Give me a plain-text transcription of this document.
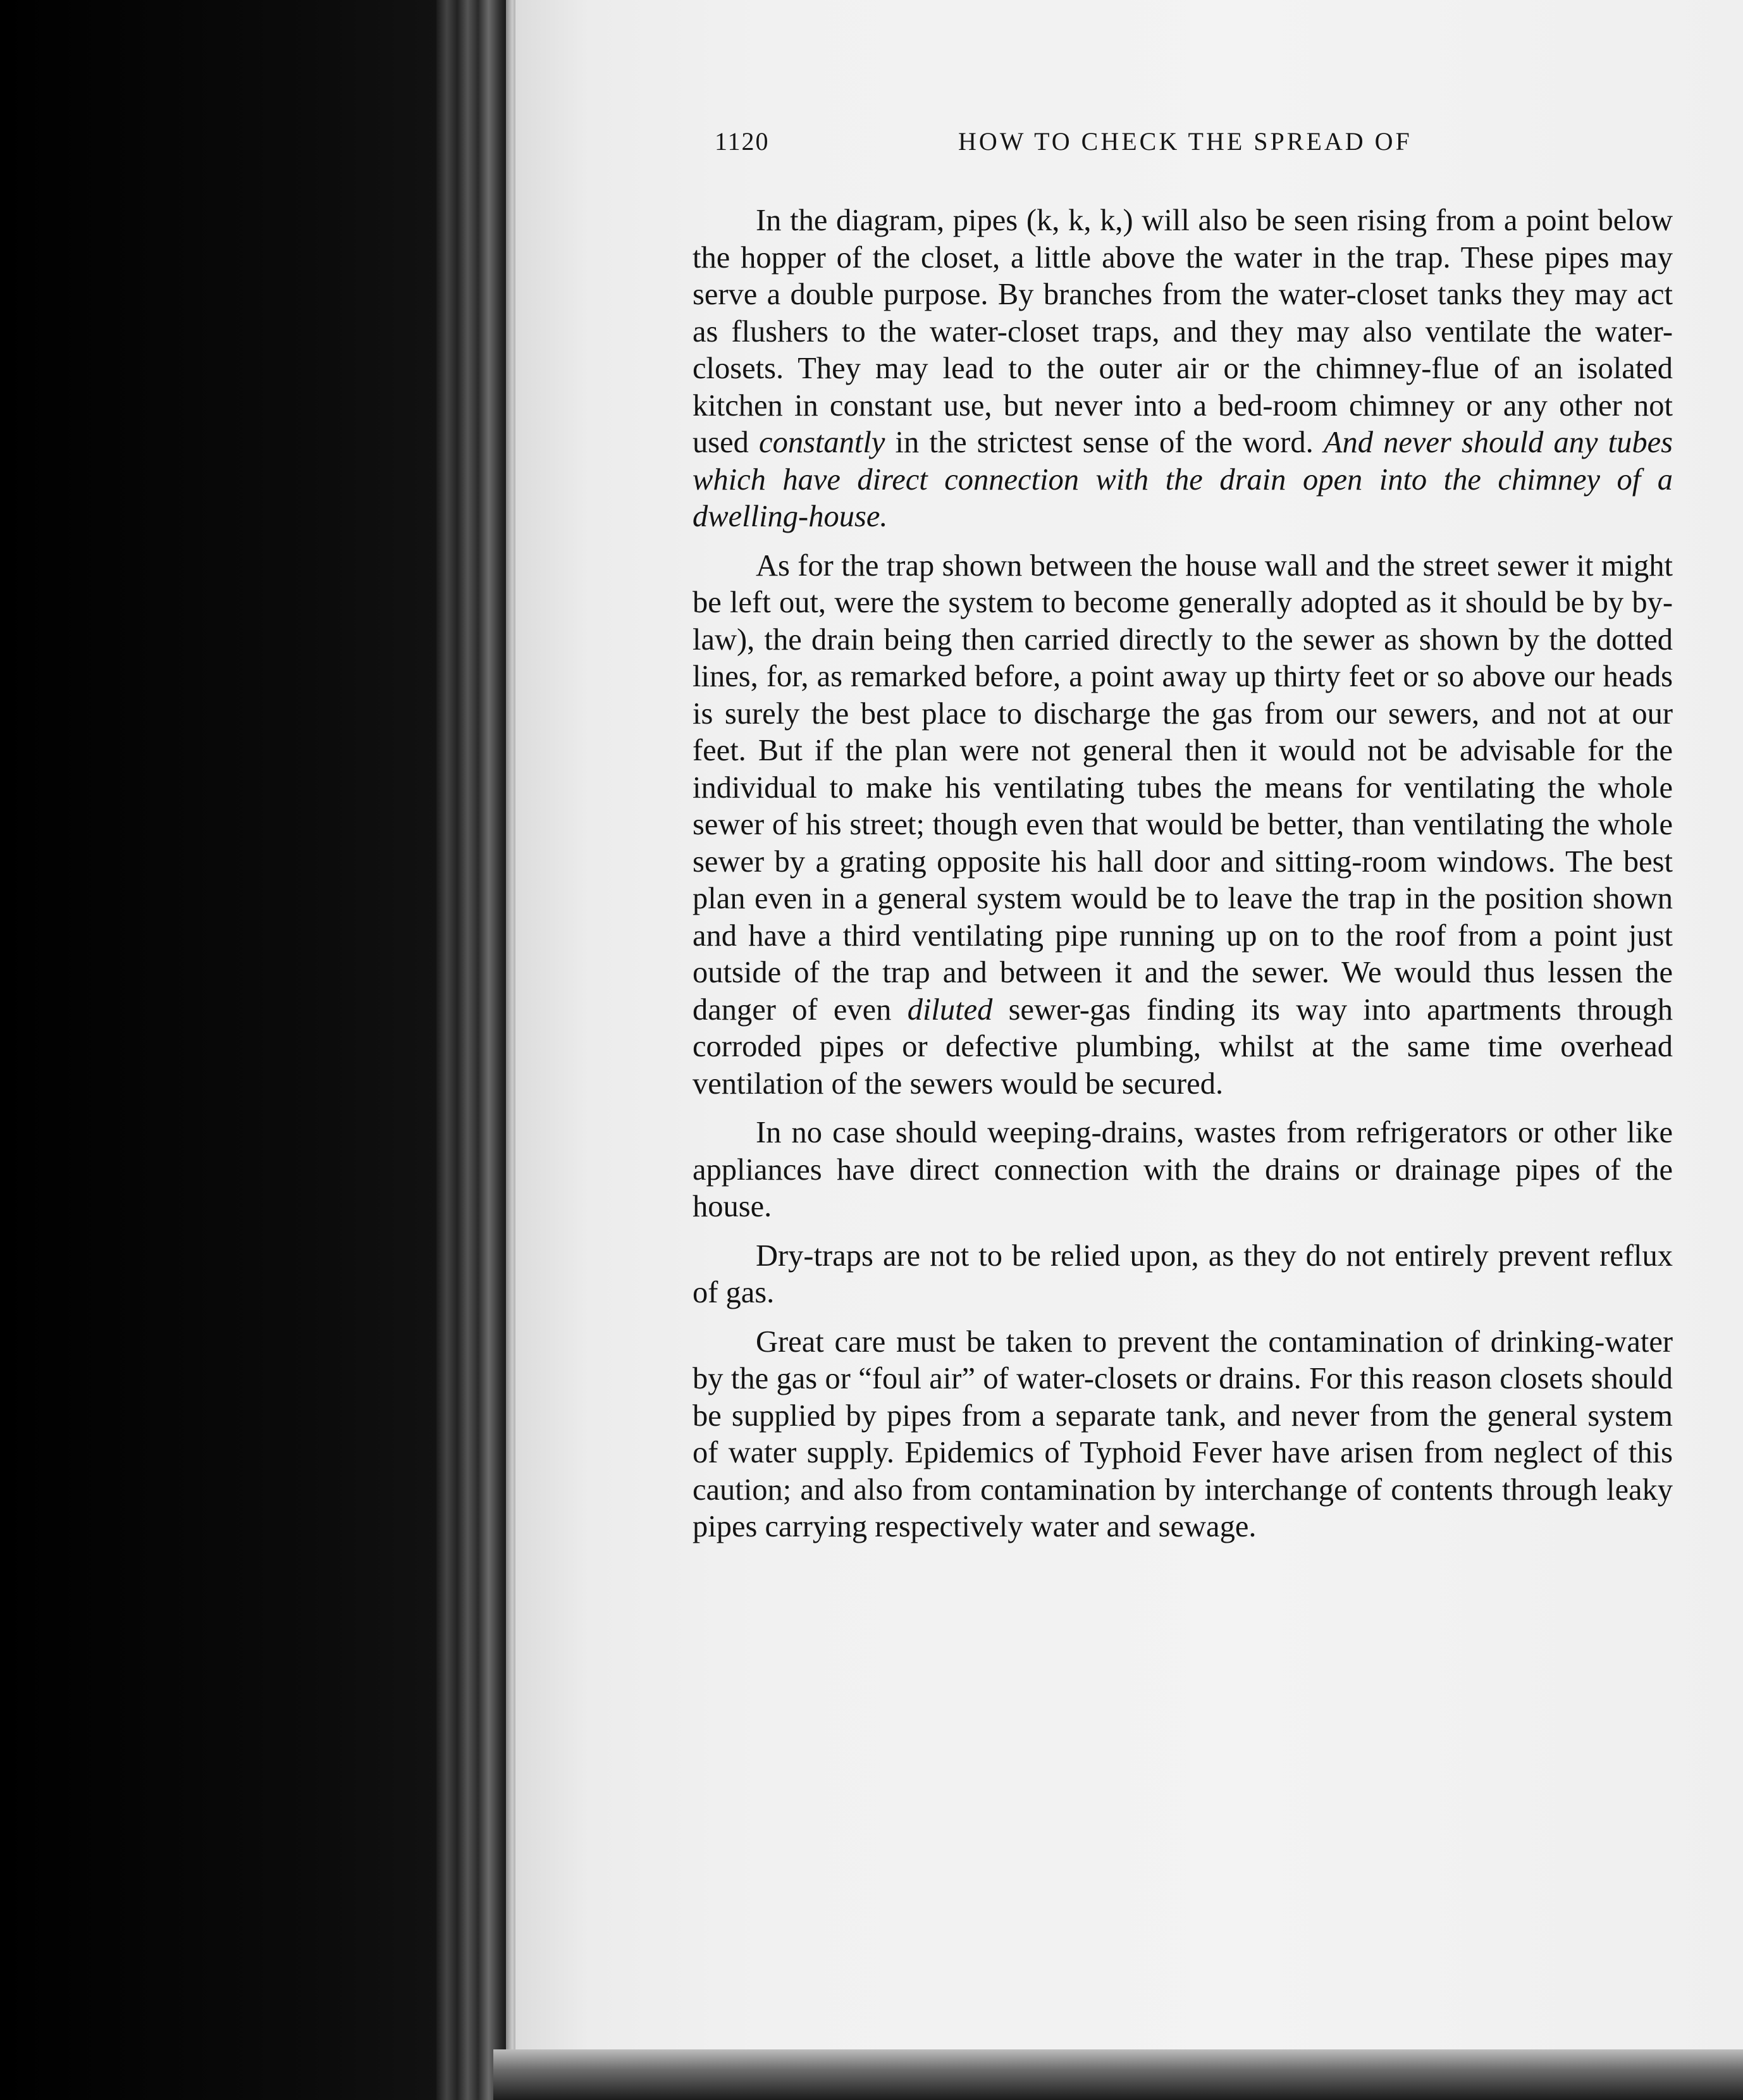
1120	HOW TO CHECK THE SPREAD OF

In the diagram, pipes (k, k, k,) will also be seen rising from a point below the hopper of the closet, a little above the water in the trap. These pipes may serve a double purpose. By branches from the water-closet tanks they may act as flushers to the water-closet traps, and they may also ventilate the water-closets. They may lead to the outer air or the chimney-flue of an isolated kitchen in constant use, but never into a bed-room chimney or any other not used constantly in the strictest sense of the word. And never should any tubes which have direct connection with the drain open into the chimney of a dwelling-house.

As for the trap shown between the house wall and the street sewer it might be left out, were the system to become generally adopted as it should be by by-law), the drain being then carried directly to the sewer as shown by the dotted lines, for, as remarked before, a point away up thirty feet or so above our heads is surely the best place to discharge the gas from our sewers, and not at our feet. But if the plan were not general then it would not be advisable for the individual to make his ventilating tubes the means for ventilating the whole sewer of his street; though even that would be better, than ventilating the whole sewer by a grating opposite his hall door and sitting-room windows. The best plan even in a general system would be to leave the trap in the position shown and have a third ventilating pipe running up on to the roof from a point just outside of the trap and between it and the sewer. We would thus lessen the danger of even diluted sewer-gas finding its way into apartments through corroded pipes or defective plumbing, whilst at the same time overhead ventilation of the sewers would be secured.

In no case should weeping-drains, wastes from refrigerators or other like appliances have direct connection with the drains or drainage pipes of the house.

Dry-traps are not to be relied upon, as they do not entirely prevent reflux of gas.

Great care must be taken to prevent the contamination of drinking-water by the gas or “foul air” of water-closets or drains. For this reason closets should be supplied by pipes from a separate tank, and never from the general system of water supply. Epidemics of Typhoid Fever have arisen from neglect of this caution; and also from contamination by interchange of contents through leaky pipes carrying respectively water and sewage.
